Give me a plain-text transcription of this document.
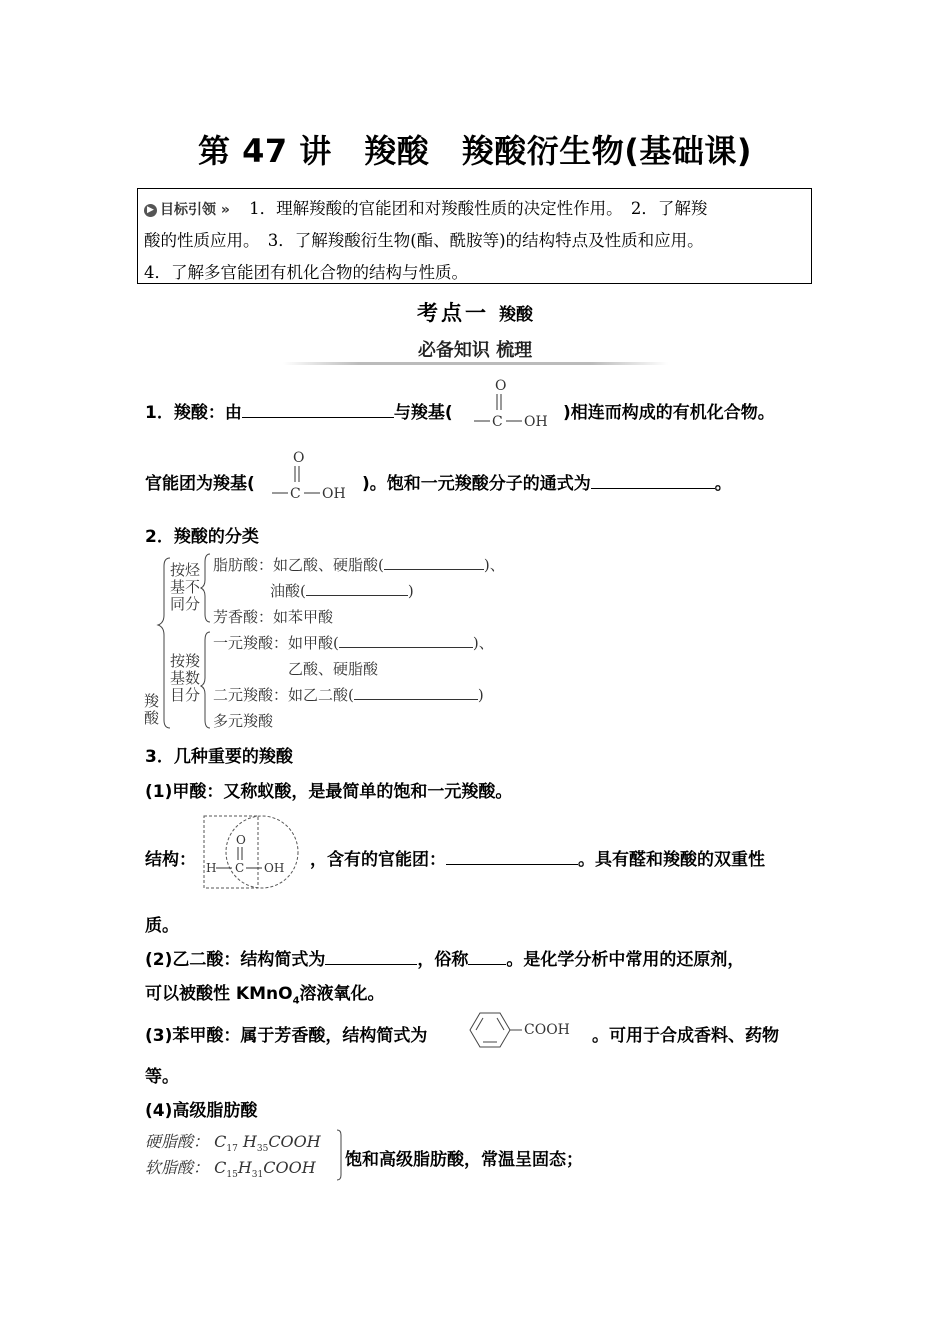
第 47 讲　羧酸　羧酸衍生物(基础课)
▶ 目标引领 » 1．理解羧酸的官能团和对羧酸性质的决定性作用。　2．了解羧
酸的性质应用。　3．了解羧酸衍生物(酯、酰胺等)的结构特点及性质和应用。
4．了解多官能团有机化合物的结构与性质。
考点一 羧酸
必备知识 梳理
1．羧酸：由	与羧基(
O
C OH )相连而构成的有机化合物。
官能团为羧基(
O
C OH )。饱和一元羧酸分子的通式为	。
2．羧酸的分类
羧酸
按烃基不同分
按羧基数目分
脂肪酸：如乙酸、硬脂酸(	)、
油酸(	)
芳香酸：如苯甲酸
一元羧酸：如甲酸(	)、
乙酸、硬脂酸
二元羧酸：如乙二酸(	)
多元羧酸
3．几种重要的羧酸
(1)甲酸：又称蚁酸，是最简单的饱和一元羧酸。
结构：
O
H C OH ，含有的官能团：	。具有醛和羧酸的双重性
质。
(2)乙二酸：结构简式为	，俗称 。是化学分析中常用的还原剂，
可以被酸性 KMnO$_4$溶液氧化。
(3)苯甲酸：属于芳香酸，结构简式为	COOH 。可用于合成香料、药物
等。
(4)高级脂肪酸
硬脂酸： $C_{17}$ $H_{35}COOH$
软脂酸： $C_{15}H_{31}COOH$ 饱和高级脂肪酸，常温呈固态；
